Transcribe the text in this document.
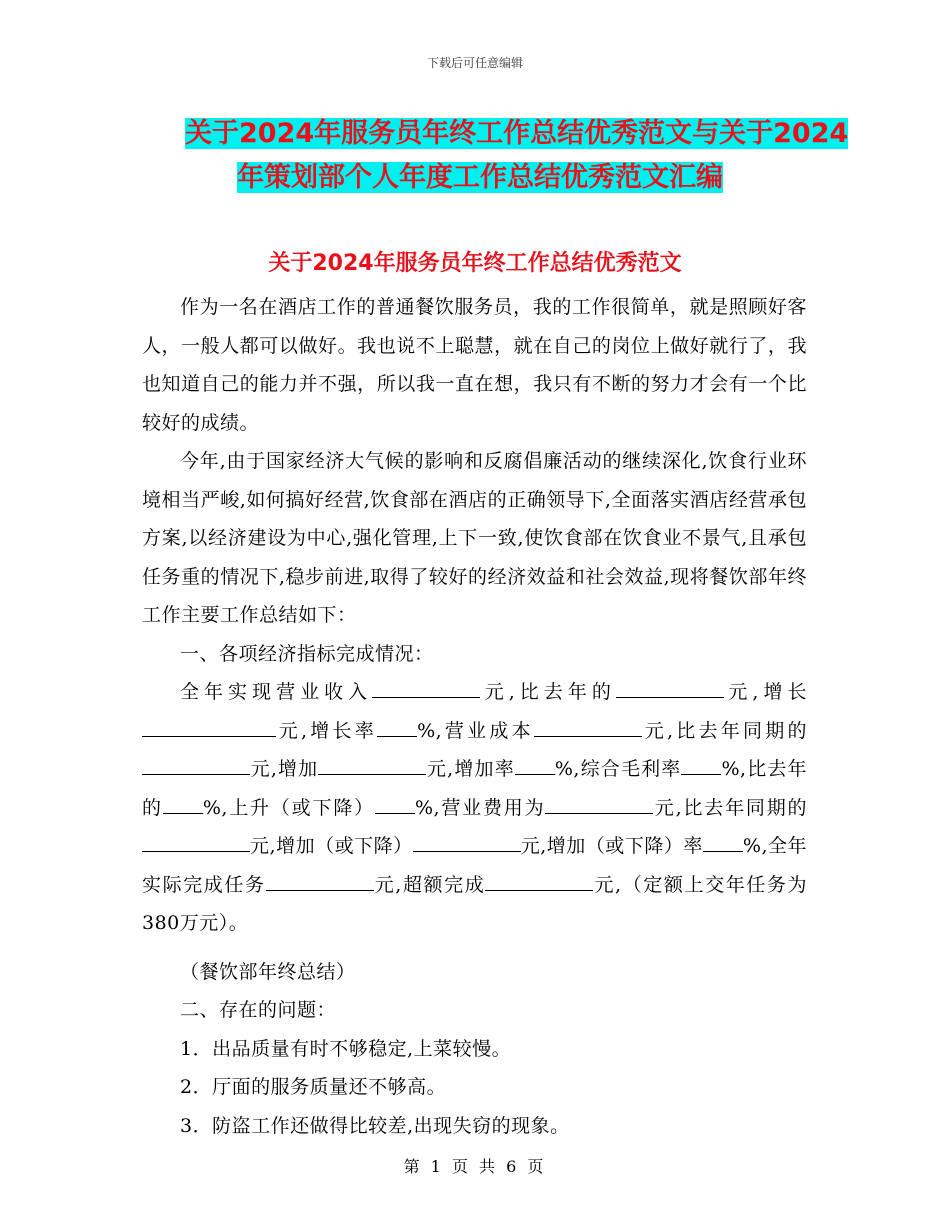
下载后可任意编辑
关于2024年服务员年终工作总结优秀范文与关于2024
年策划部个人年度工作总结优秀范文汇编
关于2024年服务员年终工作总结优秀范文

作为一名在酒店工作的普通餐饮服务员，我的工作很简单，就是照顾好客人，一般人都可以做好。我也说不上聪慧，就在自己的岗位上做好就行了，我也知道自己的能力并不强，所以我一直在想，我只有不断的努力才会有一个比较好的成绩。

今年,由于国家经济大气候的影响和反腐倡廉活动的继续深化,饮食行业环境相当严峻,如何搞好经营,饮食部在酒店的正确领导下,全面落实酒店经营承包方案,以经济建设为中心,强化管理,上下一致,使饮食部在饮食业不景气,且承包任务重的情况下,稳步前进,取得了较好的经济效益和社会效益,现将餐饮部年终工作主要工作总结如下：

一、各项经济指标完成情况：

全年实现营业收入	元,比去年的	元,增长元,增长率 %,营业成本	元,比去年同期的元,增加	元,增加率 %,综合毛利率 %,比去年的 %,上升（或下降） %,营业费用为	元,比去年同期的元,增加（或下降）	元,增加（或下降）率 %,全年实际完成任务	元,超额完成	元,（定额上交年任务为380万元）。

（餐饮部年终总结）

二、存在的问题：

1．出品质量有时不够稳定,上菜较慢。

2．厅面的服务质量还不够高。

3．防盗工作还做得比较差,出现失窃的现象。

第 1 页 共 6 页
